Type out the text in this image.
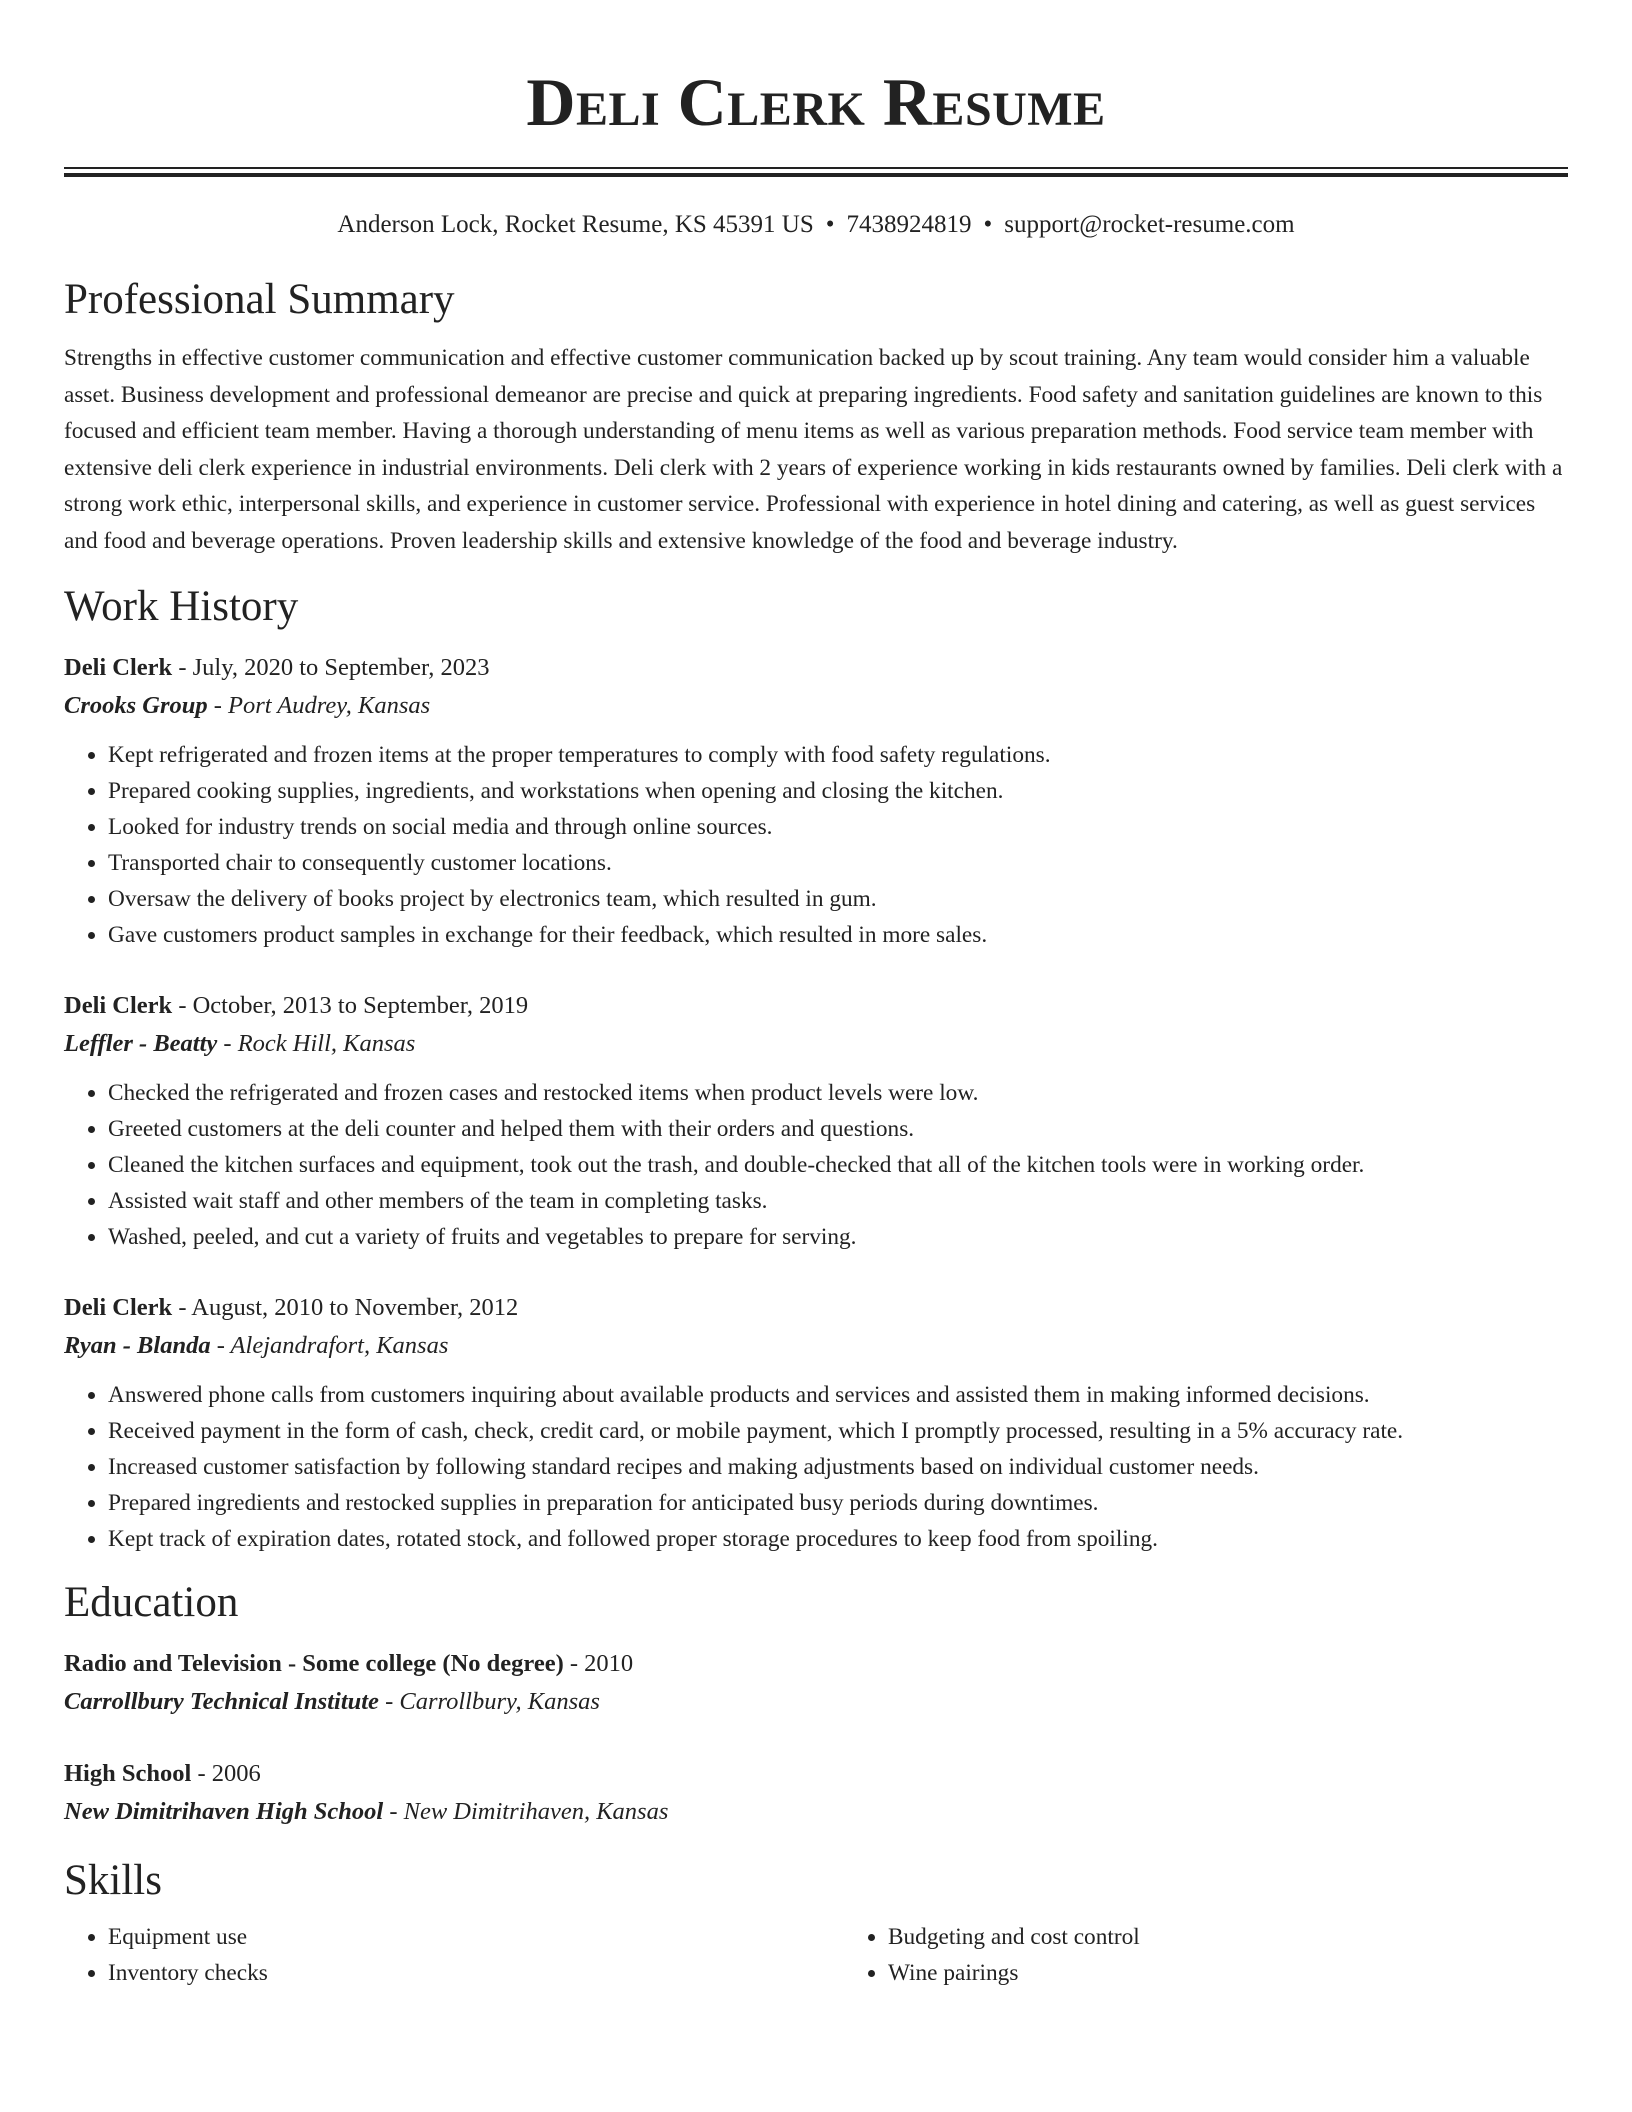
Deli Clerk Resume
Anderson Lock, Rocket Resume, KS 45391 US • 7438924819 • support@rocket-resume.com
Professional Summary
Strengths in effective customer communication and effective customer communication backed up by scout training. Any team would consider him a valuable asset. Business development and professional demeanor are precise and quick at preparing ingredients. Food safety and sanitation guidelines are known to this focused and efficient team member. Having a thorough understanding of menu items as well as various preparation methods. Food service team member with extensive deli clerk experience in industrial environments. Deli clerk with 2 years of experience working in kids restaurants owned by families. Deli clerk with a strong work ethic, interpersonal skills, and experience in customer service. Professional with experience in hotel dining and catering, as well as guest services and food and beverage operations. Proven leadership skills and extensive knowledge of the food and beverage industry.
Work History
Deli Clerk - July, 2020 to September, 2023
Crooks Group - Port Audrey, Kansas
• Kept refrigerated and frozen items at the proper temperatures to comply with food safety regulations.
• Prepared cooking supplies, ingredients, and workstations when opening and closing the kitchen.
• Looked for industry trends on social media and through online sources.
• Transported chair to consequently customer locations.
• Oversaw the delivery of books project by electronics team, which resulted in gum.
• Gave customers product samples in exchange for their feedback, which resulted in more sales.
Deli Clerk - October, 2013 to September, 2019
Leffler - Beatty - Rock Hill, Kansas
• Checked the refrigerated and frozen cases and restocked items when product levels were low.
• Greeted customers at the deli counter and helped them with their orders and questions.
• Cleaned the kitchen surfaces and equipment, took out the trash, and double-checked that all of the kitchen tools were in working order.
• Assisted wait staff and other members of the team in completing tasks.
• Washed, peeled, and cut a variety of fruits and vegetables to prepare for serving.
Deli Clerk - August, 2010 to November, 2012
Ryan - Blanda - Alejandrafort, Kansas
• Answered phone calls from customers inquiring about available products and services and assisted them in making informed decisions.
• Received payment in the form of cash, check, credit card, or mobile payment, which I promptly processed, resulting in a 5% accuracy rate.
• Increased customer satisfaction by following standard recipes and making adjustments based on individual customer needs.
• Prepared ingredients and restocked supplies in preparation for anticipated busy periods during downtimes.
• Kept track of expiration dates, rotated stock, and followed proper storage procedures to keep food from spoiling.
Education
Radio and Television - Some college (No degree) - 2010
Carrollbury Technical Institute - Carrollbury, Kansas
High School - 2006
New Dimitrihaven High School - New Dimitrihaven, Kansas
Skills
• Equipment use
• Inventory checks
• Budgeting and cost control
• Wine pairings
